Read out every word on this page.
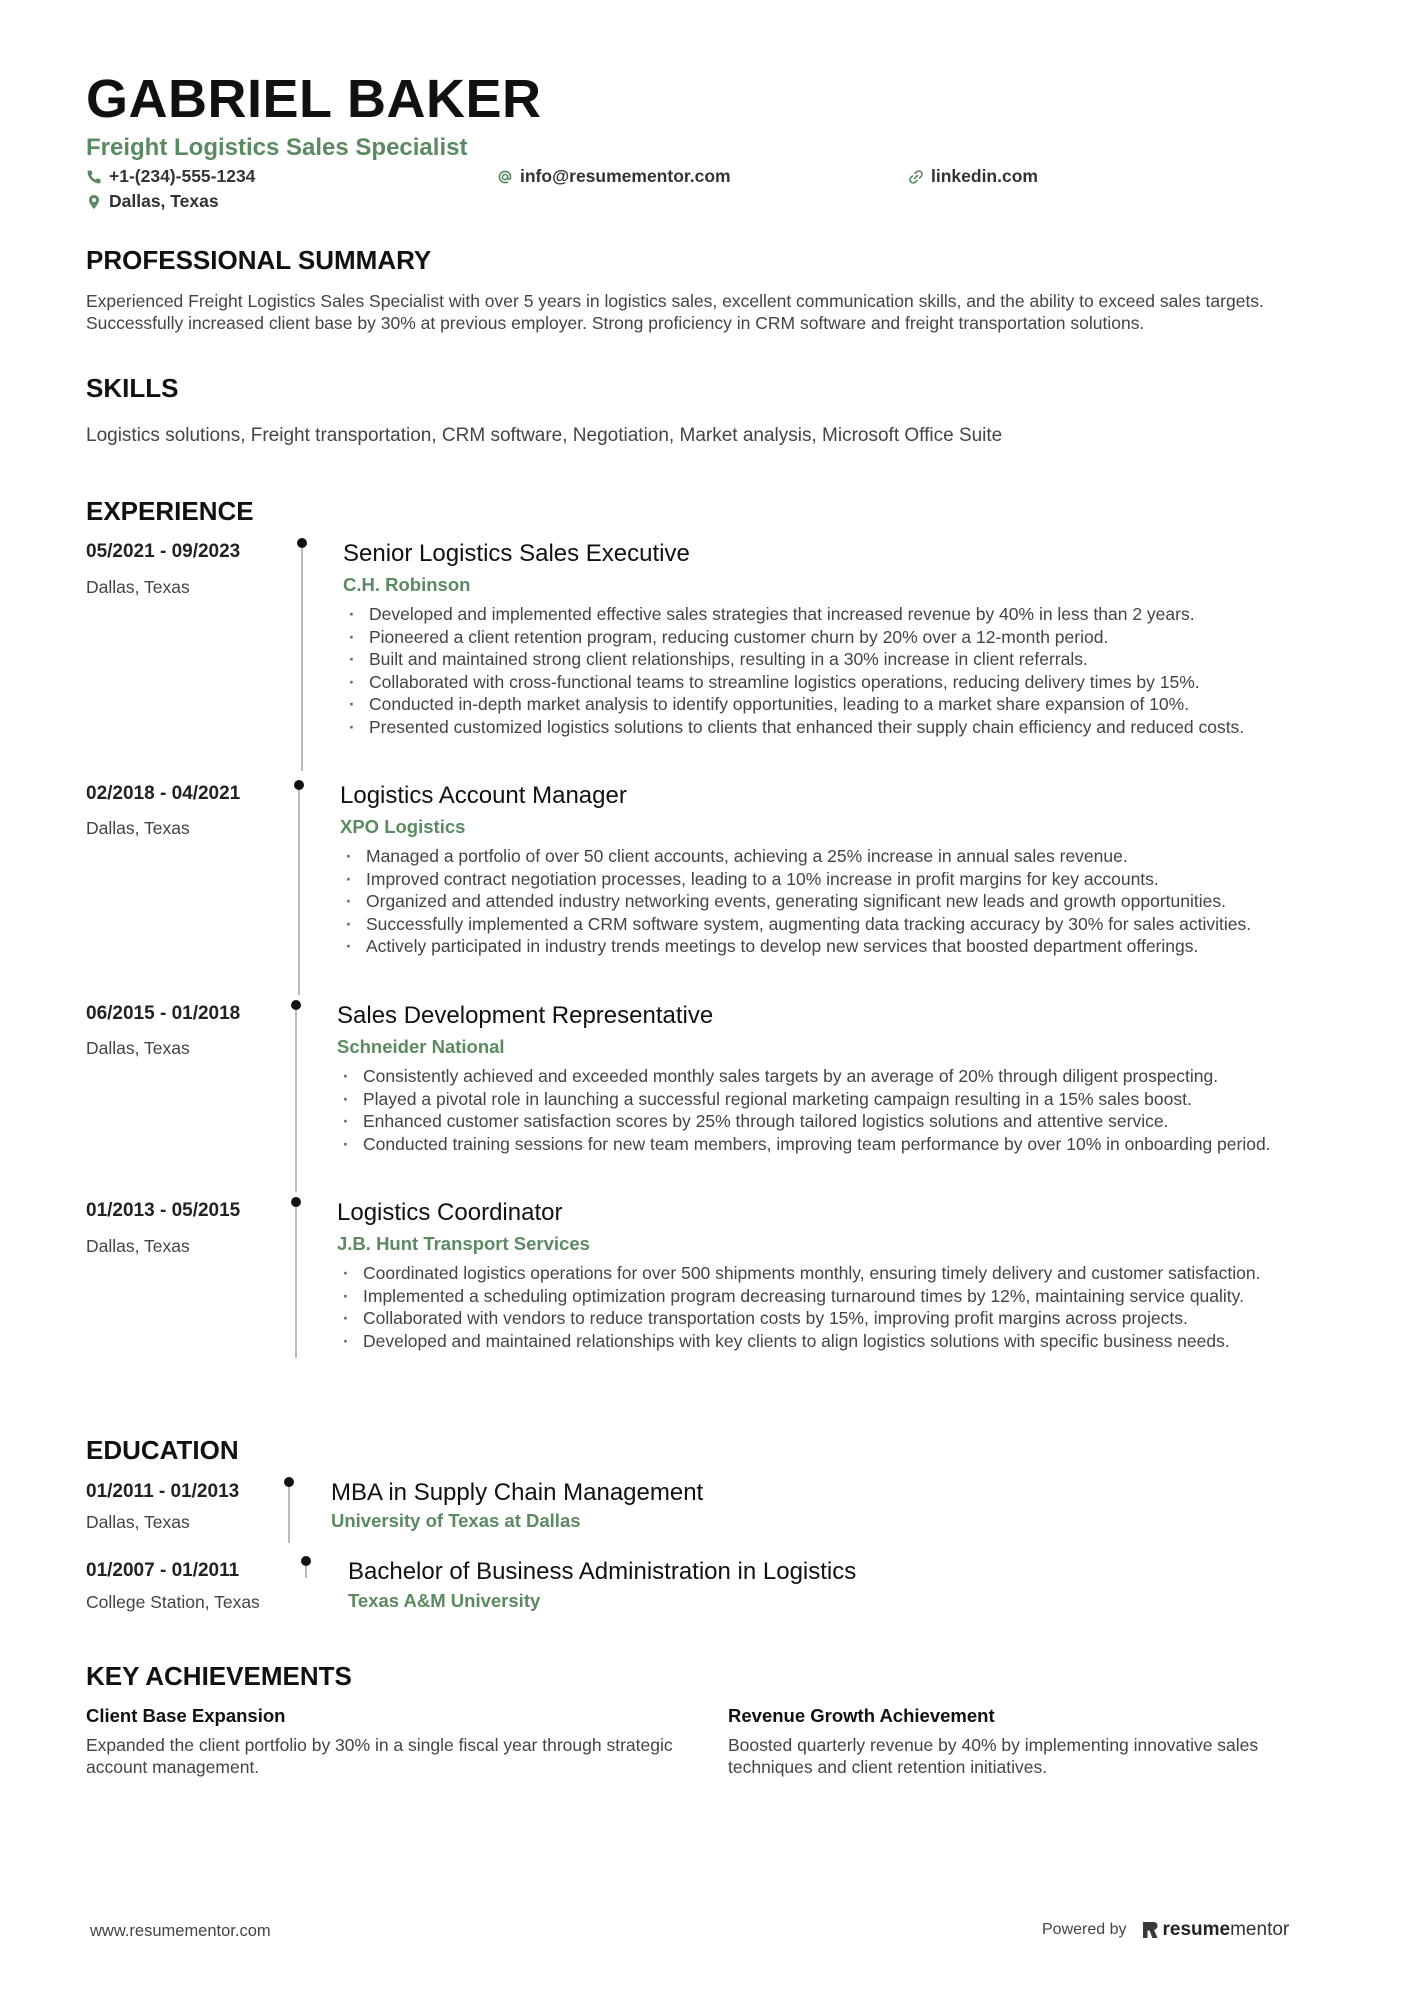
GABRIEL BAKER
Freight Logistics Sales Specialist
+1-(234)-555-1234	info@resumementor.com	linkedin.com
Dallas, Texas
PROFESSIONAL SUMMARY
Experienced Freight Logistics Sales Specialist with over 5 years in logistics sales, excellent communication skills, and the ability to exceed sales targets. Successfully increased client base by 30% at previous employer. Strong proficiency in CRM software and freight transportation solutions.
SKILLS
Logistics solutions, Freight transportation, CRM software, Negotiation, Market analysis, Microsoft Office Suite
EXPERIENCE
05/2021 - 09/2023
Dallas, Texas
Senior Logistics Sales Executive
C.H. Robinson
· Developed and implemented effective sales strategies that increased revenue by 40% in less than 2 years.
· Pioneered a client retention program, reducing customer churn by 20% over a 12-month period.
· Built and maintained strong client relationships, resulting in a 30% increase in client referrals.
· Collaborated with cross-functional teams to streamline logistics operations, reducing delivery times by 15%.
· Conducted in-depth market analysis to identify opportunities, leading to a market share expansion of 10%.
· Presented customized logistics solutions to clients that enhanced their supply chain efficiency and reduced costs.
02/2018 - 04/2021
Dallas, Texas
Logistics Account Manager
XPO Logistics
· Managed a portfolio of over 50 client accounts, achieving a 25% increase in annual sales revenue.
· Improved contract negotiation processes, leading to a 10% increase in profit margins for key accounts.
· Organized and attended industry networking events, generating significant new leads and growth opportunities.
· Successfully implemented a CRM software system, augmenting data tracking accuracy by 30% for sales activities.
· Actively participated in industry trends meetings to develop new services that boosted department offerings.
06/2015 - 01/2018
Dallas, Texas
Sales Development Representative
Schneider National
· Consistently achieved and exceeded monthly sales targets by an average of 20% through diligent prospecting.
· Played a pivotal role in launching a successful regional marketing campaign resulting in a 15% sales boost.
· Enhanced customer satisfaction scores by 25% through tailored logistics solutions and attentive service.
· Conducted training sessions for new team members, improving team performance by over 10% in onboarding period.
01/2013 - 05/2015
Dallas, Texas
Logistics Coordinator
J.B. Hunt Transport Services
· Coordinated logistics operations for over 500 shipments monthly, ensuring timely delivery and customer satisfaction.
· Implemented a scheduling optimization program decreasing turnaround times by 12%, maintaining service quality.
· Collaborated with vendors to reduce transportation costs by 15%, improving profit margins across projects.
· Developed and maintained relationships with key clients to align logistics solutions with specific business needs.
EDUCATION
01/2011 - 01/2013
Dallas, Texas
MBA in Supply Chain Management
University of Texas at Dallas
01/2007 - 01/2011
College Station, Texas
Bachelor of Business Administration in Logistics
Texas A&M University
KEY ACHIEVEMENTS
Client Base Expansion
Expanded the client portfolio by 30% in a single fiscal year through strategic account management.
Revenue Growth Achievement
Boosted quarterly revenue by 40% by implementing innovative sales techniques and client retention initiatives.
www.resumementor.com	Powered by resumementor
